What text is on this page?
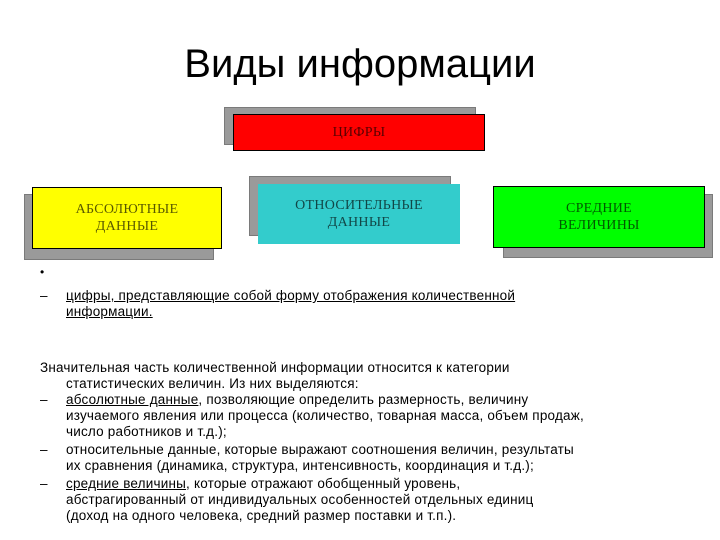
Виды информации
ЦИФРЫ
АБСОЛЮТНЫЕ
ДАННЫЕ
ОТНОСИТЕЛЬНЫЕ
ДАННЫЕ
СРЕДНИЕ
ВЕЛИЧИНЫ
•
– цифры, представляющие собой форму отображения количественной
информации.
Значительная часть количественной информации относится к категории
статистических величин. Из них выделяются:
– абсолютные данные, позволяющие определить размерность, величину
изучаемого явления или процесса (количество, товарная масса, объем продаж,
число работников и т.д.);
– относительные данные, которые выражают соотношения величин, результаты
их сравнения (динамика, структура, интенсивность, координация и т.д.);
– средние величины, которые отражают обобщенный уровень,
абстрагированный от индивидуальных особенностей отдельных единиц
(доход на одного человека, средний размер поставки и т.п.).
